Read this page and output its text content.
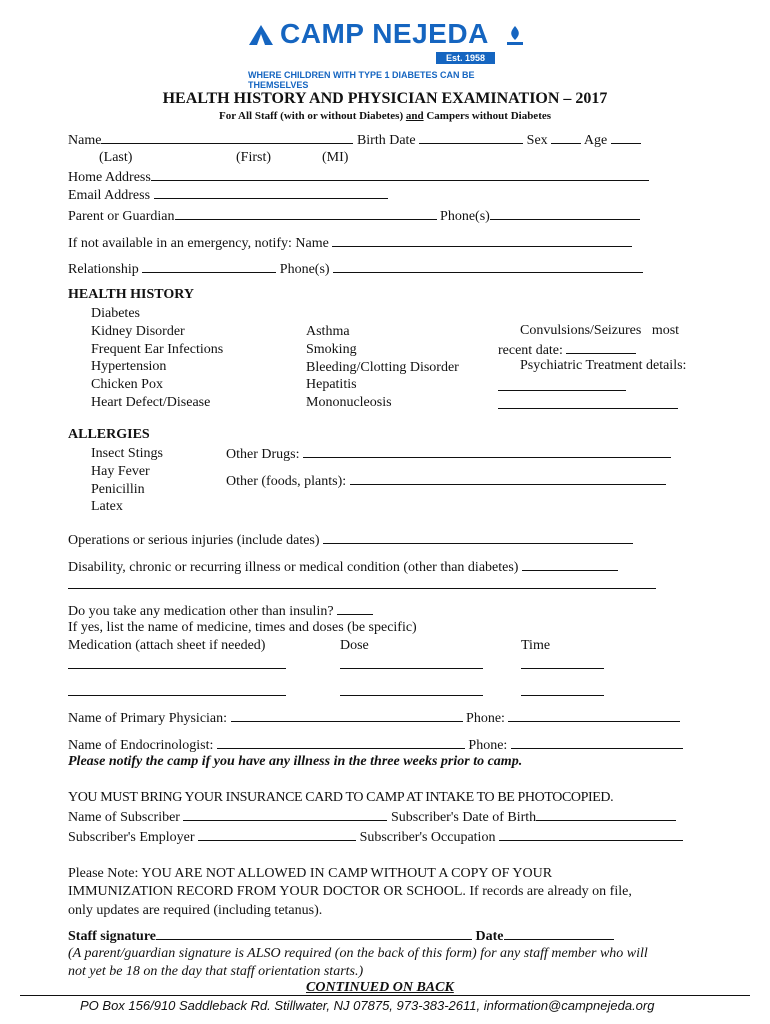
CAMP NEJEDA
Est. 1958
WHERE CHILDREN WITH TYPE 1 DIABETES CAN BE THEMSELVES
HEALTH HISTORY AND PHYSICIAN EXAMINATION – 2017
For All Staff (with or without Diabetes) and Campers without Diabetes
Name	Birth Date	Sex	Age
(Last)	(First)	(MI)
Home Address
Email Address
Parent or Guardian	Phone(s)
If not available in an emergency, notify: Name
Relationship	Phone(s)
HEALTH HISTORY
Diabetes
Kidney Disorder
Frequent Ear Infections
Hypertension
Chicken Pox
Heart Defect/Disease
Asthma
Smoking
Bleeding/Clotting Disorder
Hepatitis
Mononucleosis
Convulsions/Seizures most
recent date:
Psychiatric Treatment details:
ALLERGIES
Insect Stings
Hay Fever
Penicillin
Latex
Other Drugs:
Other (foods, plants):
Operations or serious injuries (include dates)
Disability, chronic or recurring illness or medical condition (other than diabetes)
Do you take any medication other than insulin?
If yes, list the name of medicine, times and doses (be specific)
Medication (attach sheet if needed)	Dose	Time
Name of Primary Physician:	Phone:
Name of Endocrinologist:	Phone:
Please notify the camp if you have any illness in the three weeks prior to camp.
YOU MUST BRING YOUR INSURANCE CARD TO CAMP AT INTAKE TO BE PHOTOCOPIED.
Name of Subscriber	Subscriber's Date of Birth
Subscriber's Employer	Subscriber's Occupation
Please Note: YOU ARE NOT ALLOWED IN CAMP WITHOUT A COPY OF YOUR
IMMUNIZATION RECORD FROM YOUR DOCTOR OR SCHOOL. If records are already on file,
only updates are required (including tetanus).
Staff signature	Date
(A parent/guardian signature is ALSO required (on the back of this form) for any staff member who will
not yet be 18 on the day that staff orientation starts.)
CONTINUED ON BACK
PO Box 156/910 Saddleback Rd. Stillwater, NJ 07875, 973-383-2611, information@campnejeda.org
